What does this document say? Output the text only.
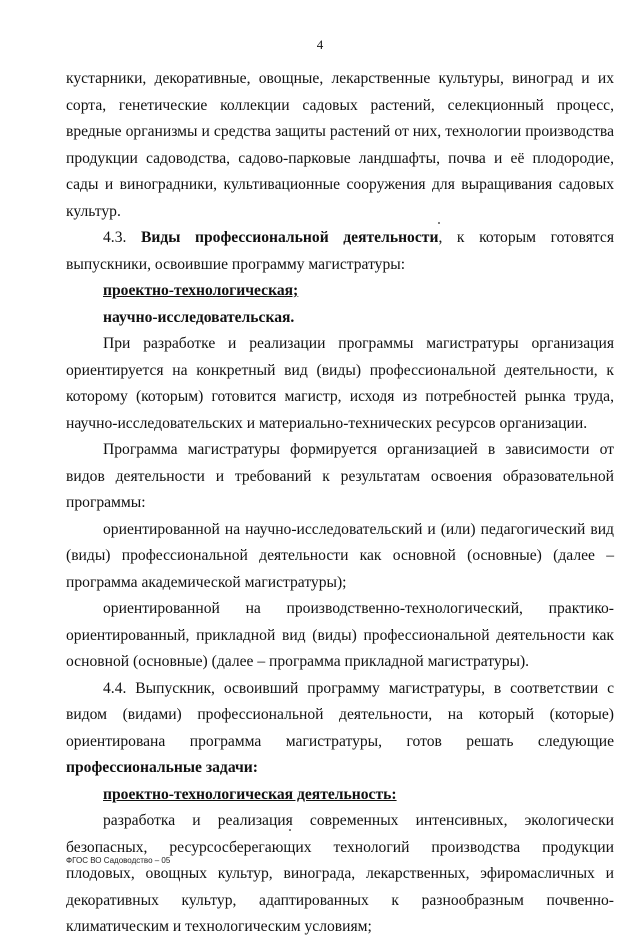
4

кустарники, декоративные, овощные, лекарственные культуры, виноград и их сорта, генетические коллекции садовых растений, селекционный процесс, вредные организмы и средства защиты растений от них, технологии производства продукции садоводства, садово-парковые ландшафты, почва и её плодородие, сады и виноградники, культивационные сооружения для выращивания садовых культур.

4.3. Виды профессиональной деятельности, к которым готовятся выпускники, освоившие программу магистратуры:

проектно-технологическая;

научно-исследовательская.

При разработке и реализации программы магистратуры организация ориентируется на конкретный вид (виды) профессиональной деятельности, к которому (которым) готовится магистр, исходя из потребностей рынка труда, научно-исследовательских и материально-технических ресурсов организации.

Программа магистратуры формируется организацией в зависимости от видов деятельности и требований к результатам освоения образовательной программы:

ориентированной на научно-исследовательский и (или) педагогический вид (виды) профессиональной деятельности как основной (основные) (далее – программа академической магистратуры);

ориентированной на производственно-технологический, практико-ориентированный, прикладной вид (виды) профессиональной деятельности как основной (основные) (далее – программа прикладной магистратуры).

4.4. Выпускник, освоивший программу магистратуры, в соответствии с видом (видами) профессиональной деятельности, на который (которые) ориентирована программа магистратуры, готов решать следующие профессиональные задачи:

проектно-технологическая деятельность:

разработка и реализация современных интенсивных, экологически безопасных, ресурсосберегающих технологий производства продукции плодовых, овощных культур, винограда, лекарственных, эфиромасличных и декоративных культур, адаптированных к разнообразным почвенно-климатическим и технологическим условиям;

ФГОС ВО Садоводство – 05
